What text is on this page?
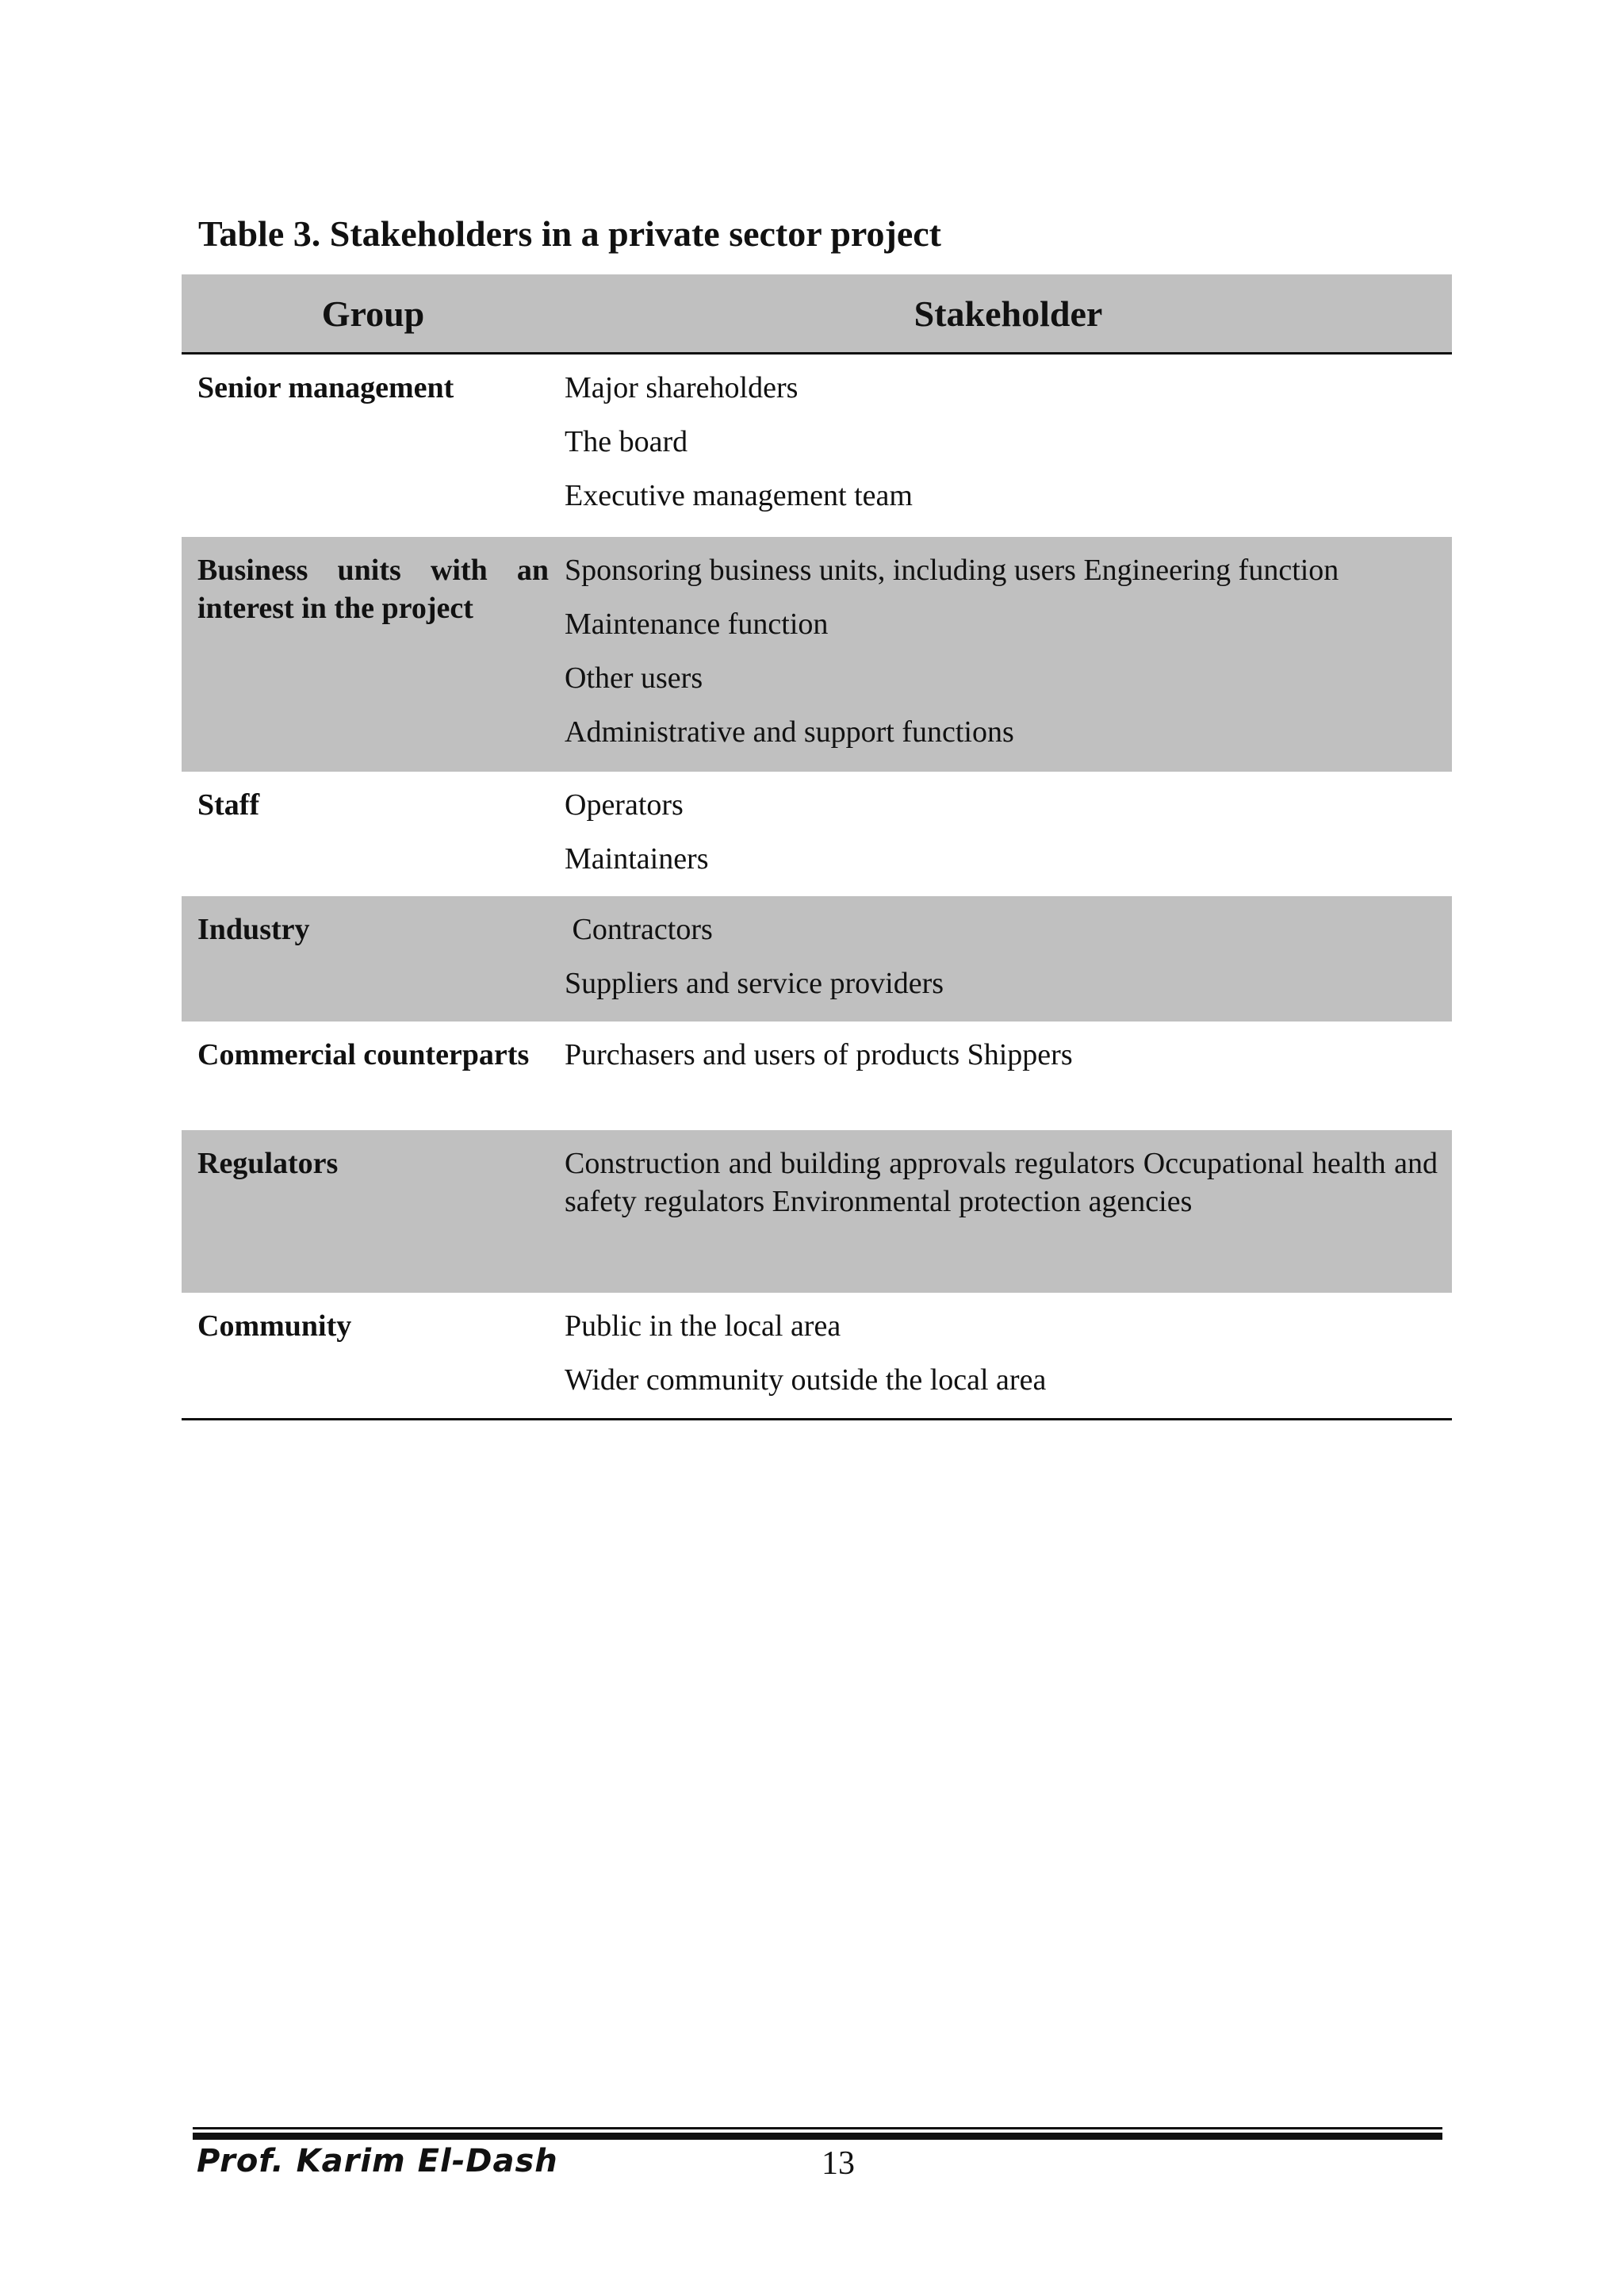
Table 3. Stakeholders in a private sector project
Group	Stakeholder
Senior management	Major shareholders
The board
Executive management team

Business units with an interest in the project	Sponsoring business units, including users Engineering function
Maintenance function
Other users
Administrative and support functions

Staff	Operators
Maintainers

Industry	Contractors
Suppliers and service providers

Commercial counterparts	Purchasers and users of products Shippers

Regulators	Construction and building approvals regulators Occupational health and safety regulators Environmental protection agencies

Community	Public in the local area
Wider community outside the local area
Prof. Karim El-Dash	13
